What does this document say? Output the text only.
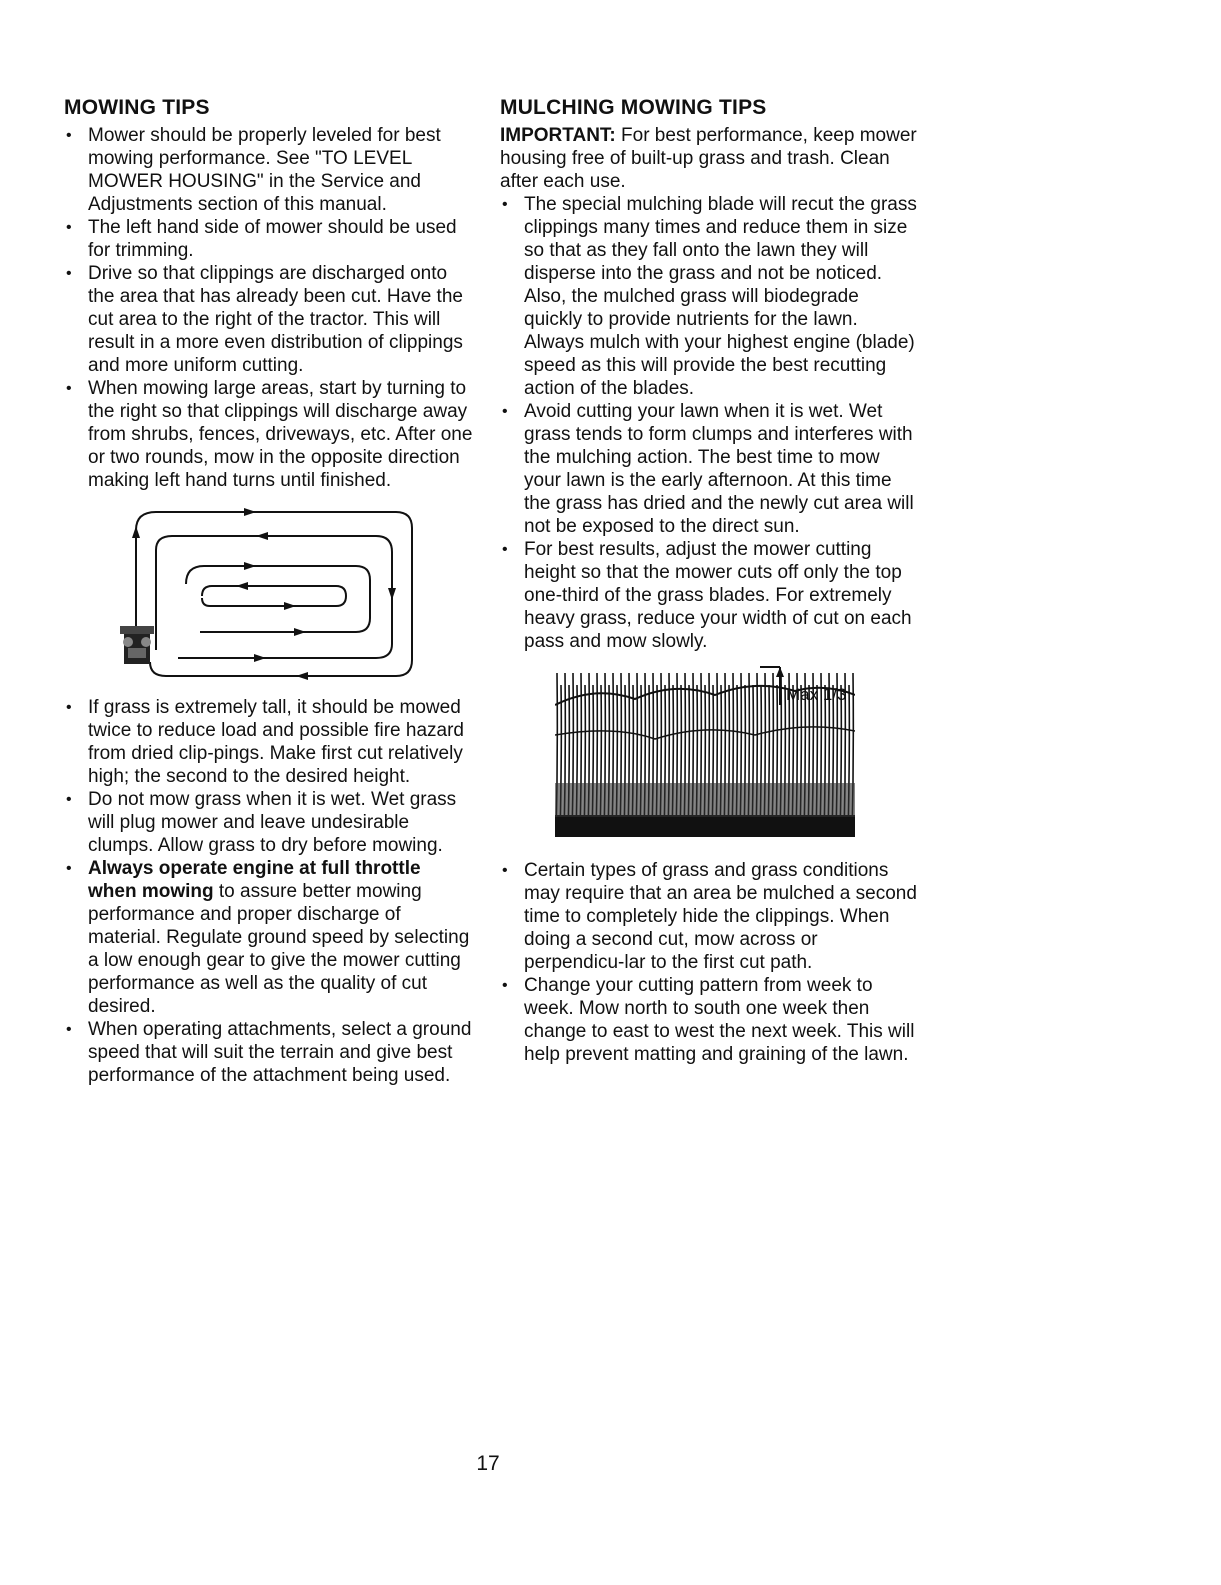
MOWING TIPS
• Mower should be properly leveled for best mowing performance. See "TO LEVEL MOWER HOUSING" in the Service and Adjustments section of this manual.
• The left hand side of mower should be used for trimming.
• Drive so that clippings are discharged onto the area that has already been cut. Have the cut area to the right of the tractor. This will result in a more even distribution of clippings and more uniform cutting.
• When mowing large areas, start by turning to the right so that clippings will discharge away from shrubs, fences, driveways, etc. After one or two rounds, mow in the opposite direction making left hand turns until finished.
• If grass is extremely tall, it should be mowed twice to reduce load and possible fire hazard from dried clip-pings. Make first cut relatively high; the second to the desired height.
• Do not mow grass when it is wet. Wet grass will plug mower and leave undesirable clumps. Allow grass to dry before mowing.
• Always operate engine at full throttle when mowing to assure better mowing performance and proper discharge of material. Regulate ground speed by selecting a low enough gear to give the mower cutting performance as well as the quality of cut desired.
• When operating attachments, select a ground speed that will suit the terrain and give best performance of the attachment being used.
MULCHING MOWING TIPS

IMPORTANT: For best performance, keep mower housing free of built-up grass and trash. Clean after each use.

• The special mulching blade will recut the grass clippings many times and reduce them in size so that as they fall onto the lawn they will disperse into the grass and not be noticed. Also, the mulched grass will biodegrade quickly to provide nutrients for the lawn. Always mulch with your highest engine (blade) speed as this will provide the best recutting action of the blades.
• Avoid cutting your lawn when it is wet. Wet grass tends to form clumps and interferes with the mulching action. The best time to mow your lawn is the early afternoon. At this time the grass has dried and the newly cut area will not be exposed to the direct sun.
• For best results, adjust the mower cutting height so that the mower cuts off only the top one-third of the grass blades. For extremely heavy grass, reduce your width of cut on each pass and mow slowly.
Max 1/3
• Certain types of grass and grass conditions may require that an area be mulched a second time to completely hide the clippings. When doing a second cut, mow across or perpendicu-lar to the first cut path.
• Change your cutting pattern from week to week. Mow north to south one week then change to east to west the next week. This will help prevent matting and graining of the lawn.
17
